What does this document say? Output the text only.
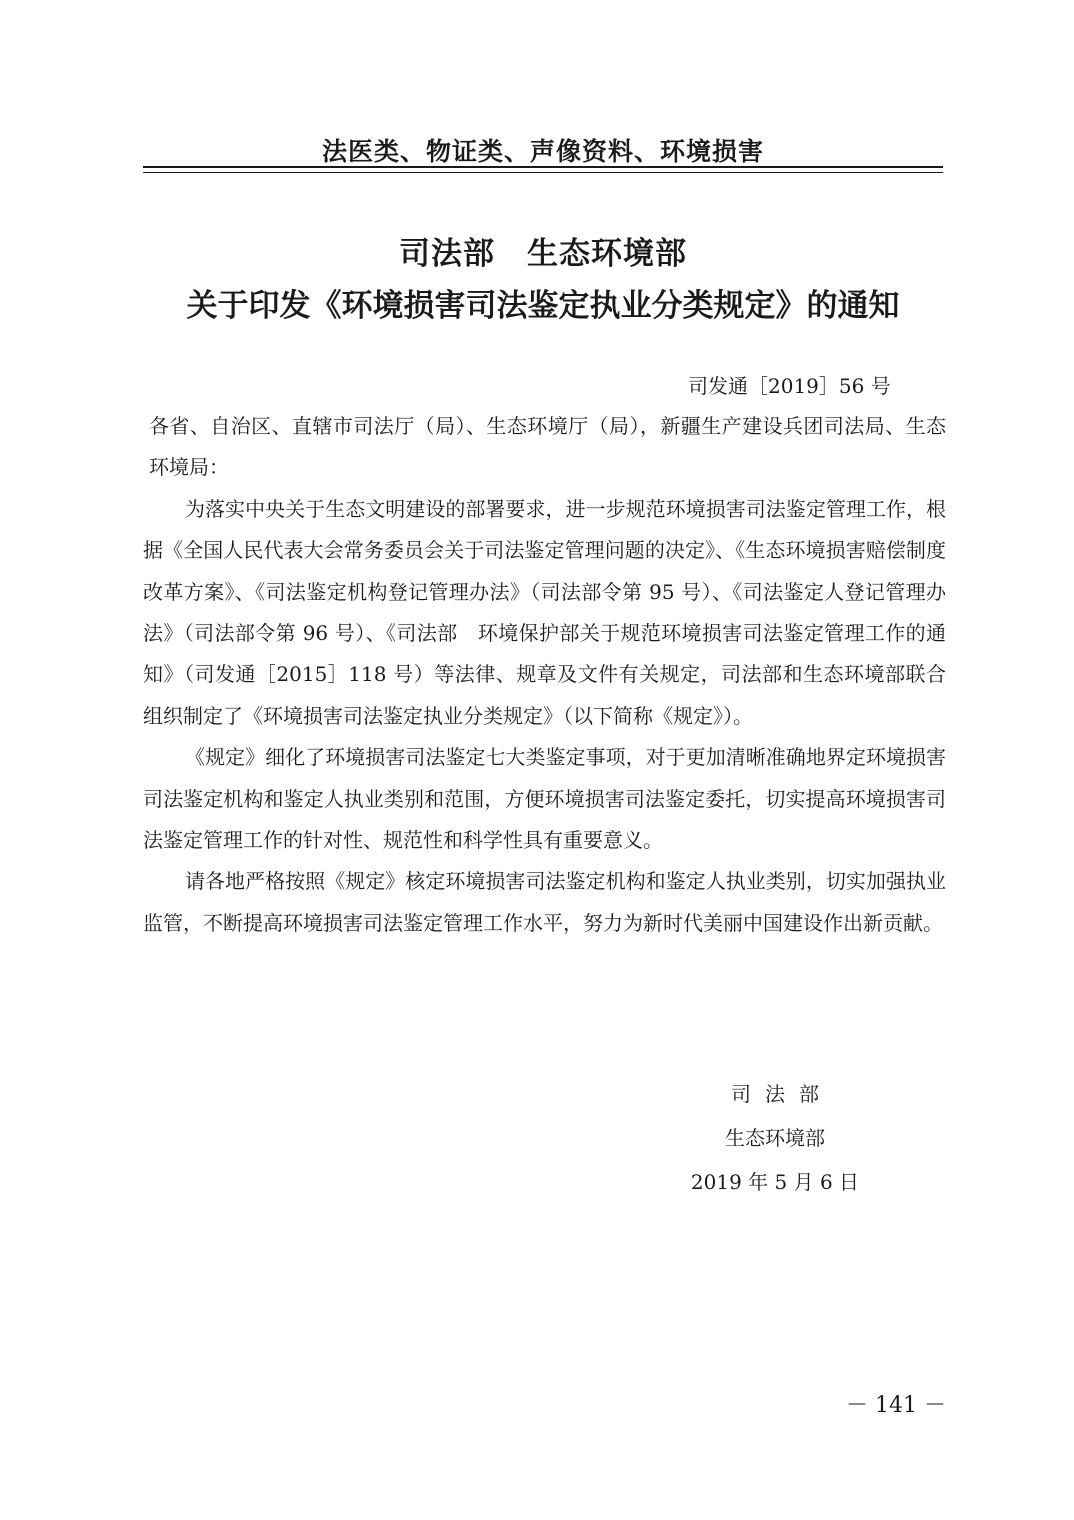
法医类、物证类、声像资料、环境损害
司法部　生态环境部
关于印发《环境损害司法鉴定执业分类规定》的通知
司发通［2019］56 号

各省、自治区、直辖市司法厅（局）、生态环境厅（局），新疆生产建设兵团司法局、生态环境局：

为落实中央关于生态文明建设的部署要求，进一步规范环境损害司法鉴定管理工作，根据《全国人民代表大会常务委员会关于司法鉴定管理问题的决定》、《生态环境损害赔偿制度改革方案》、《司法鉴定机构登记管理办法》（司法部令第 95 号）、《司法鉴定人登记管理办法》（司法部令第 96 号）、《司法部　环境保护部关于规范环境损害司法鉴定管理工作的通知》（司发通［2015］118 号）等法律、规章及文件有关规定，司法部和生态环境部联合组织制定了《环境损害司法鉴定执业分类规定》（以下简称《规定》）。

《规定》细化了环境损害司法鉴定七大类鉴定事项，对于更加清晰准确地界定环境损害司法鉴定机构和鉴定人执业类别和范围，方便环境损害司法鉴定委托，切实提高环境损害司法鉴定管理工作的针对性、规范性和科学性具有重要意义。

请各地严格按照《规定》核定环境损害司法鉴定机构和鉴定人执业类别，切实加强执业监管，不断提高环境损害司法鉴定管理工作水平，努力为新时代美丽中国建设作出新贡献。

司法部
生态环境部
2019 年 5 月 6 日
－ 141 －
